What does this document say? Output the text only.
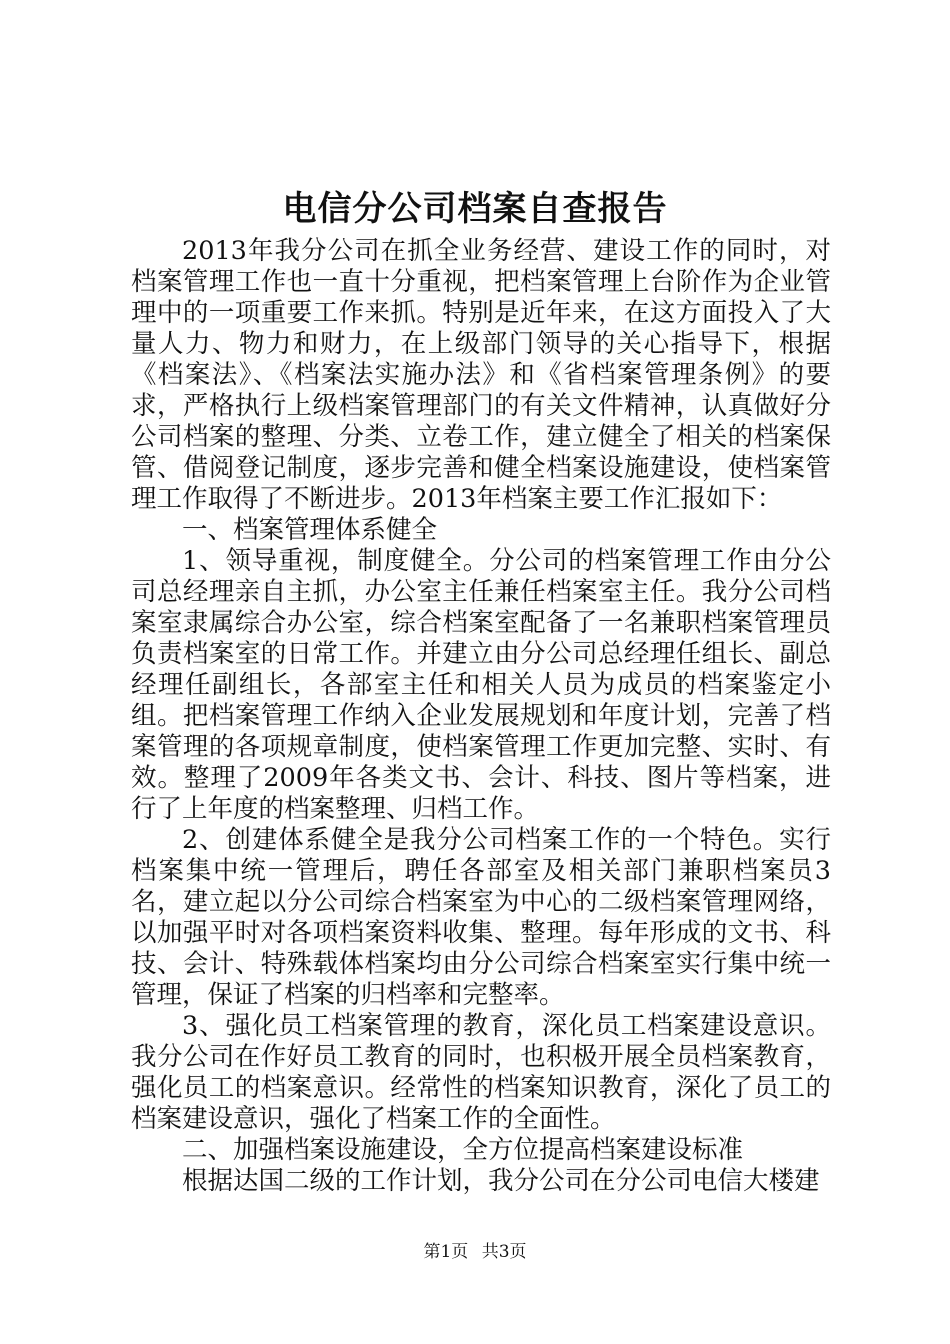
电信分公司档案自查报告

2013年我分公司在抓全业务经营、建设工作的同时，对档案管理工作也一直十分重视，把档案管理上台阶作为企业管理中的一项重要工作来抓。特别是近年来，在这方面投入了大量人力、物力和财力，在上级部门领导的关心指导下，根据《档案法》、《档案法实施办法》和《省档案管理条例》的要求，严格执行上级档案管理部门的有关文件精神，认真做好分公司档案的整理、分类、立卷工作，建立健全了相关的档案保管、借阅登记制度，逐步完善和健全档案设施建设，使档案管理工作取得了不断进步。2013年档案主要工作汇报如下：

一、档案管理体系健全

1、领导重视，制度健全。分公司的档案管理工作由分公司总经理亲自主抓，办公室主任兼任档案室主任。我分公司档案室隶属综合办公室，综合档案室配备了一名兼职档案管理员负责档案室的日常工作。并建立由分公司总经理任组长、副总经理任副组长，各部室主任和相关人员为成员的档案鉴定小组。把档案管理工作纳入企业发展规划和年度计划，完善了档案管理的各项规章制度，使档案管理工作更加完整、实时、有效。整理了2009年各类文书、会计、科技、图片等档案，进行了上年度的档案整理、归档工作。

2、创建体系健全是我分公司档案工作的一个特色。实行档案集中统一管理后，聘任各部室及相关部门兼职档案员3名，建立起以分公司综合档案室为中心的二级档案管理网络，以加强平时对各项档案资料收集、整理。每年形成的文书、科技、会计、特殊载体档案均由分公司综合档案室实行集中统一管理，保证了档案的归档率和完整率。

3、强化员工档案管理的教育，深化员工档案建设意识。我分公司在作好员工教育的同时，也积极开展全员档案教育，强化员工的档案意识。经常性的档案知识教育，深化了员工的档案建设意识，强化了档案工作的全面性。

二、加强档案设施建设，全方位提高档案建设标准

根据达国二级的工作计划，我分公司在分公司电信大楼建

第1页 共3页
